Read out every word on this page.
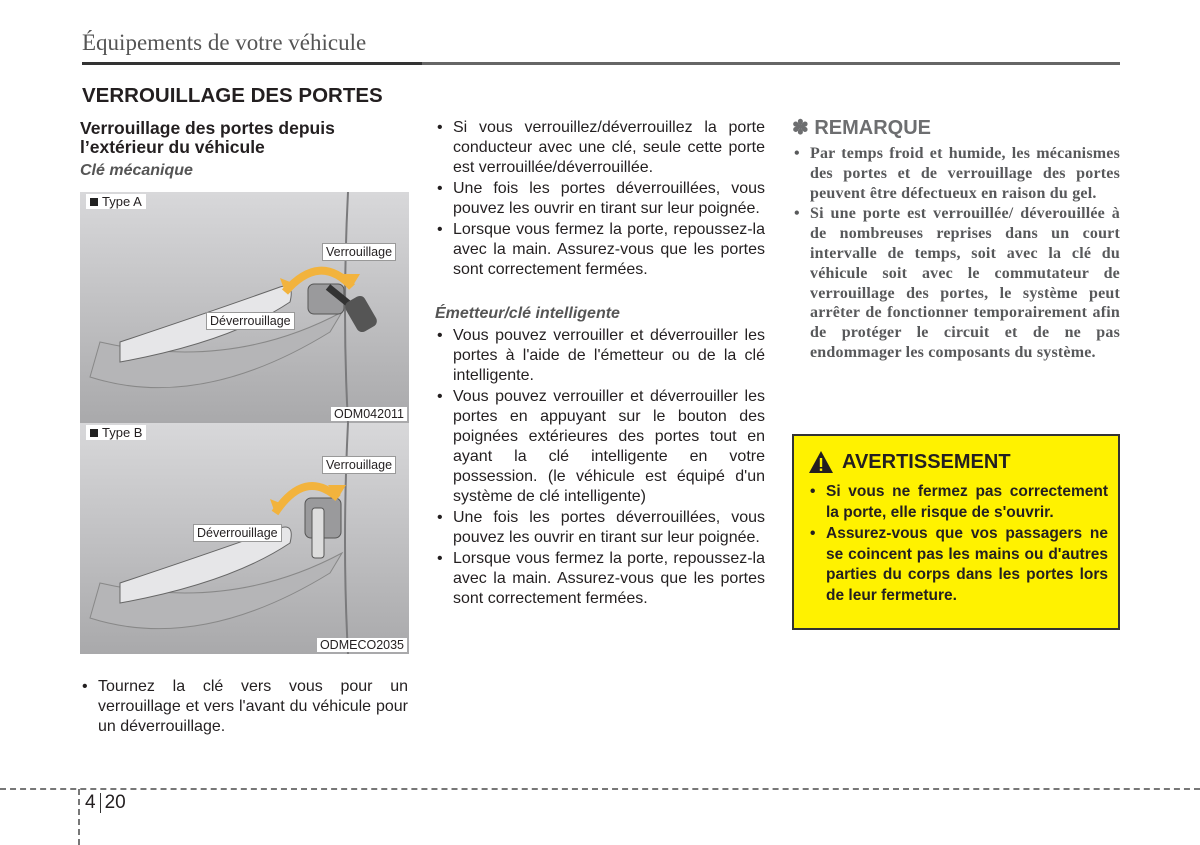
Équipements de votre véhicule
VERROUILLAGE DES PORTES

Verrouillage des portes depuis l’extérieur du véhicule

Clé mécanique

Type A
Verrouillage
Déverrouillage
ODM042011
Type B
Verrouillage
Déverrouillage
ODMECO2035
• Tournez la clé vers vous pour un verrouillage et vers l'avant du véhicule pour un déverrouillage.
• Si vous verrouillez/déverrouillez la porte conducteur avec une clé, seule cette porte est verrouillée/déverrouillée.
• Une fois les portes déverrouillées, vous pouvez les ouvrir en tirant sur leur poignée.
• Lorsque vous fermez la porte, repoussez-la avec la main. Assurez-vous que les portes sont correctement fermées.

Émetteur/clé intelligente

• Vous pouvez verrouiller et déverrouiller les portes à l'aide de l'émetteur ou de la clé intelligente.
• Vous pouvez verrouiller et déverrouiller les portes en appuyant sur le bouton des poignées extérieures des portes tout en ayant la clé intelligente en votre possession. (le véhicule est équipé d'un système de clé intelligente)
• Une fois les portes déverrouillées, vous pouvez les ouvrir en tirant sur leur poignée.
• Lorsque vous fermez la porte, repoussez-la avec la main. Assurez-vous que les portes sont correctement fermées.

✽ REMARQUE

• Par temps froid et humide, les mécanismes des portes et de verrouillage des portes peuvent être défectueux en raison du gel.
• Si une porte est verrouillée/ déverouillée à de nombreuses reprises dans un court intervalle de temps, soit avec la clé du véhicule soit avec le commutateur de verrouillage des portes, le système peut arrêter de fonctionner temporairement afin de protéger le circuit et de ne pas endommager les composants du système.
AVERTISSEMENT
• Si vous ne fermez pas correctement la porte, elle risque de s'ouvrir.
• Assurez-vous que vos passagers ne se coincent pas les mains ou d'autres parties du corps dans les portes lors de leur fermeture.
4 20
